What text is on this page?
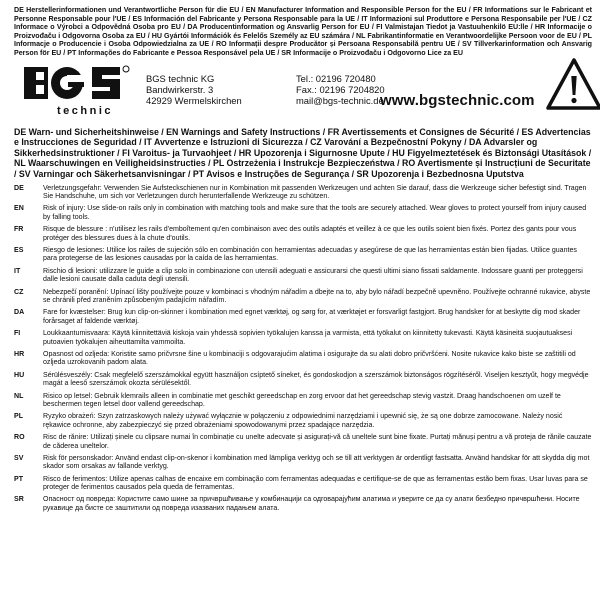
DE Herstellerinformationen und Verantwortliche Person für die EU / EN Manufacturer Information and Responsible Person for the EU / FR Informations sur le Fabricant et Personne Responsable pour l'UE / ES Información del Fabricante y Persona Responsable para la UE / IT Informazioni sul Produttore e Persona Responsabile per l'UE / CZ Informace o Výrobci a Odpovědná Osoba pro EU / DA Producentinformation og Ansvarlig Person for EU / FI Valmistajan Tiedot ja Vastuuhenkilö EU:lle / HR Informacije o Proizvođaču i Odgovorna Osoba za EU / HU Gyártói Információk és Felelős Személy az EU számára / NL Fabrikantinformatie en Verantwoordelijke Persoon voor de EU / PL Informacje o Producencie i Osoba Odpowiedzialna za UE / RO Informații despre Producător și Persoana Responsabilă pentru UE / SV Tillverkarinformation och Ansvarig Person för EU / PT Informações do Fabricante e Pessoa Responsável pela UE / SR Informacije o Proizvođaču i Odgovorno Lice za EU
technic
BGS technic KG
Bandwirkerstr. 3
42929 Wermelskirchen
Tel.: 02196 720480
Fax.: 02196 7204820
mail@bgs-technic.de
www.bgstechnic.com
DE Warn- und Sicherheitshinweise / EN Warnings and Safety Instructions / FR Avertissements et Consignes de Sécurité / ES Advertencias e Instrucciones de Seguridad / IT Avvertenze e Istruzioni di Sicurezza / CZ Varování a Bezpečnostní Pokyny / DA Advarsler og Sikkerhedsinstruktioner / FI Varoitus- ja Turvaohjeet / HR Upozorenja i Sigurnosne Upute / HU Figyelmeztetések és Biztonsági Utasítások / NL Waarschuwingen en Veiligheidsinstructies / PL Ostrzeżenia i Instrukcje Bezpieczeństwa / RO Avertismente și Instrucțiuni de Securitate / SV Varningar och Säkerhetsanvisningar / PT Avisos e Instruções de Segurança / SR Upozorenja i Bezbednosna Uputstva
DE	Verletzungsgefahr: Verwenden Sie Aufsteckschienen nur in Kombination mit passenden Werkzeugen und achten Sie darauf, dass die Werkzeuge sicher befestigt sind. Tragen Sie Handschuhe, um sich vor Verletzungen durch herunterfallende Werkzeuge zu schützen.
EN	Risk of injury: Use slide-on rails only in combination with matching tools and make sure that the tools are securely attached. Wear gloves to protect yourself from injury caused by falling tools.
FR	Risque de blessure : n'utilisez les rails d'emboîtement qu'en combinaison avec des outils adaptés et veillez à ce que les outils soient bien fixés. Portez des gants pour vous protéger des blessures dues à la chute d'outils.
ES	Riesgo de lesiones: Utilice los railes de sujeción sólo en combinación con herramientas adecuadas y asegúrese de que las herramientas están bien fijadas. Utilice guantes para protegerse de las lesiones causadas por la caída de las herramientas.
IT	Rischio di lesioni: utilizzare le guide a clip solo in combinazione con utensili adeguati e assicurarsi che questi ultimi siano fissati saldamente. Indossare guanti per proteggersi dalle lesioni causate dalla caduta degli utensili.
CZ	Nebezpečí poranění: Upínací lišty používejte pouze v kombinaci s vhodným nářadím a dbejte na to, aby bylo nářadí bezpečně upevněno. Používejte ochranné rukavice, abyste se chránili před zraněním způsobeným padajícím nářadím.
DA	Fare for kvæstelser: Brug kun clip-on-skinner i kombination med egnet værktøj, og sørg for, at værktøjet er forsvarligt fastgjort. Brug handsker for at beskytte dig mod skader forårsaget af faldende værktøj.
FI	Loukkaantumisvaara: Käytä kiinnitettäviä kiskoja vain yhdessä sopivien työkalujen kanssa ja varmista, että työkalut on kiinnitetty tukevasti. Käytä käsineitä suojautuaksesi putoavien työkalujen aiheuttamilta vammoilta.
HR	Opasnost od ozljeda: Koristite samo pričvrsne šine u kombinaciji s odgovarajućim alatima i osigurajte da su alati dobro pričvršćeni. Nosite rukavice kako biste se zaštitili od ozljeda uzrokovanih padom alata.
HU	Sérülésveszély: Csak megfelelő szerszámokkal együtt használjon csíptető síneket, és gondoskodjon a szerszámok biztonságos rögzítéséről. Viseljen kesztyűt, hogy megvédje magát a leeső szerszámok okozta sérülésektől.
NL	Risico op letsel: Gebruik klemrails alleen in combinatie met geschikt gereedschap en zorg ervoor dat het gereedschap stevig vastzit. Draag handschoenen om uzelf te beschermen tegen letsel door vallend gereedschap.
PL	Ryzyko obrażeń: Szyn zatrzaskowych należy używać wyłącznie w połączeniu z odpowiednimi narzędziami i upewnić się, że są one dobrze zamocowane. Należy nosić rękawice ochronne, aby zabezpieczyć się przed obrażeniami spowodowanymi przez spadające narzędzia.
RO	Risc de rănire: Utilizați șinele cu clipsare numai în combinație cu unelte adecvate și asigurați-vă că uneltele sunt bine fixate. Purtați mănuși pentru a vă proteja de rănile cauzate de căderea uneltelor.
SV	Risk för personskador: Använd endast clip-on-skenor i kombination med lämpliga verktyg och se till att verktygen är ordentligt fastsatta. Använd handskar för att skydda dig mot skador som orsakas av fallande verktyg.
PT	Risco de ferimentos: Utilize apenas calhas de encaixe em combinação com ferramentas adequadas e certifique-se de que as ferramentas estão bem fixas. Usar luvas para se proteger de ferimentos causados pela queda de ferramentas.
SR	Опасност од повреда: Користите само шине за причвршћивање у комбинацији са одговарајућим алатима и уверите се да су алати безбедно причвршћени. Носите рукавице да бисте се заштитили од повреда изазваних падањем алата.
